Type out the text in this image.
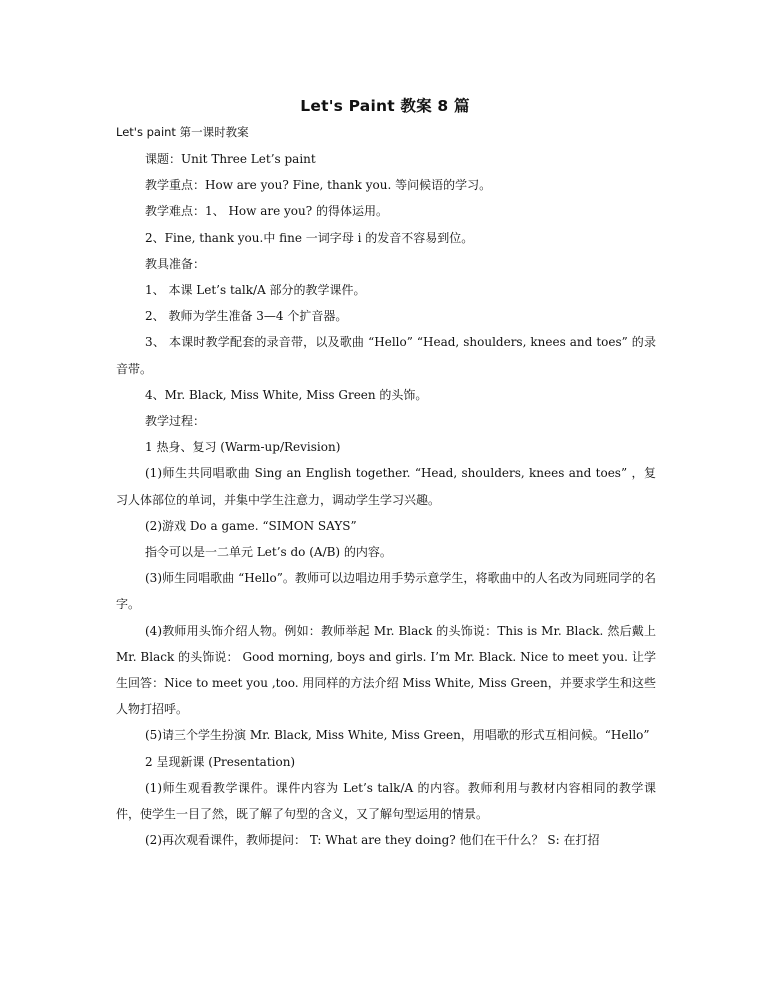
Let's Paint 教案 8 篇
Let's paint 第一课时教案

课题：Unit Three Let’s paint

教学重点：How are you? Fine, thank you. 等问候语的学习。

教学难点：1、 How are you? 的得体运用。

2、Fine, thank you.中 fine 一词字母 i 的发音不容易到位。

教具准备：

1、 本课 Let’s talk/A 部分的教学课件。

2、 教师为学生准备 3—4 个扩音器。

3、 本课时教学配套的录音带，以及歌曲 “Hello” “Head, shoulders, knees and toes” 的录音带。

4、Mr. Black, Miss White, Miss Green 的头饰。

教学过程：

1 热身、复习 (Warm-up/Revision)

(1)师生共同唱歌曲 Sing an English together. “Head, shoulders, knees and toes” ，复习人体部位的单词，并集中学生注意力，调动学生学习兴趣。

(2)游戏 Do a game. “SIMON SAYS”

指令可以是一二单元 Let’s do (A/B) 的内容。

(3)师生同唱歌曲 “Hello”。教师可以边唱边用手势示意学生，将歌曲中的人名改为同班同学的名字。

(4)教师用头饰介绍人物。例如：教师举起 Mr. Black 的头饰说：This is Mr. Black. 然后戴上 Mr. Black 的头饰说： Good morning, boys and girls. I’m Mr. Black. Nice to meet you. 让学生回答：Nice to meet you ,too. 用同样的方法介绍 Miss White, Miss Green，并要求学生和这些人物打招呼。

(5)请三个学生扮演 Mr. Black, Miss White, Miss Green，用唱歌的形式互相问候。“Hello”

2 呈现新课 (Presentation)

(1)师生观看教学课件。课件内容为 Let’s talk/A 的内容。教师利用与教材内容相同的教学课件，使学生一目了然，既了解了句型的含义，又了解句型运用的情景。

(2)再次观看课件，教师提问： T: What are they doing? 他们在干什么？ S: 在打招
